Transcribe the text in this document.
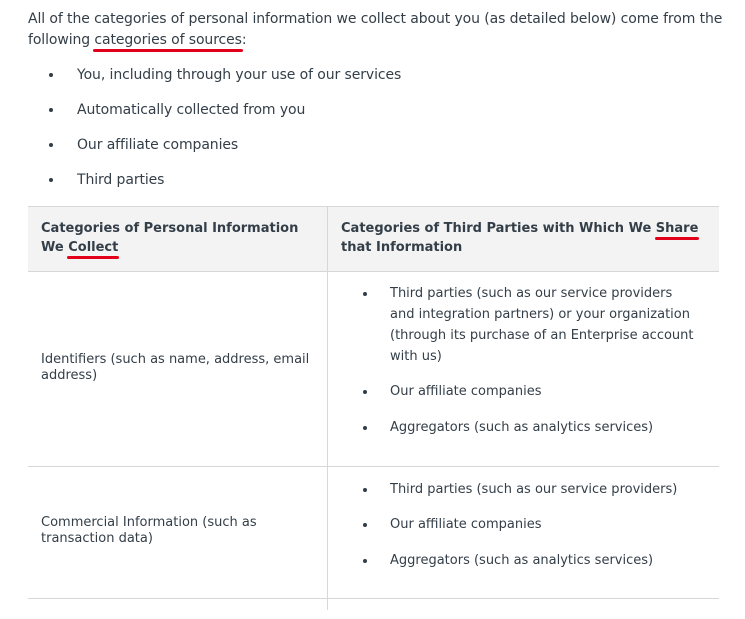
All of the categories of personal information we collect about you (as detailed below) come from the following categories of sources:

You, including through your use of our services
Automatically collected from you
Our affiliate companies
Third parties
Categories of Personal Information We Collect
Categories of Third Parties with Which We Share that Information
Identifiers (such as name, address, email address)
Third parties (such as our service providers and integration partners) or your organization (through its purchase of an Enterprise account with us)
Our affiliate companies
Aggregators (such as analytics services)
Commercial Information (such as transaction data)
Third parties (such as our service providers)
Our affiliate companies
Aggregators (such as analytics services)
